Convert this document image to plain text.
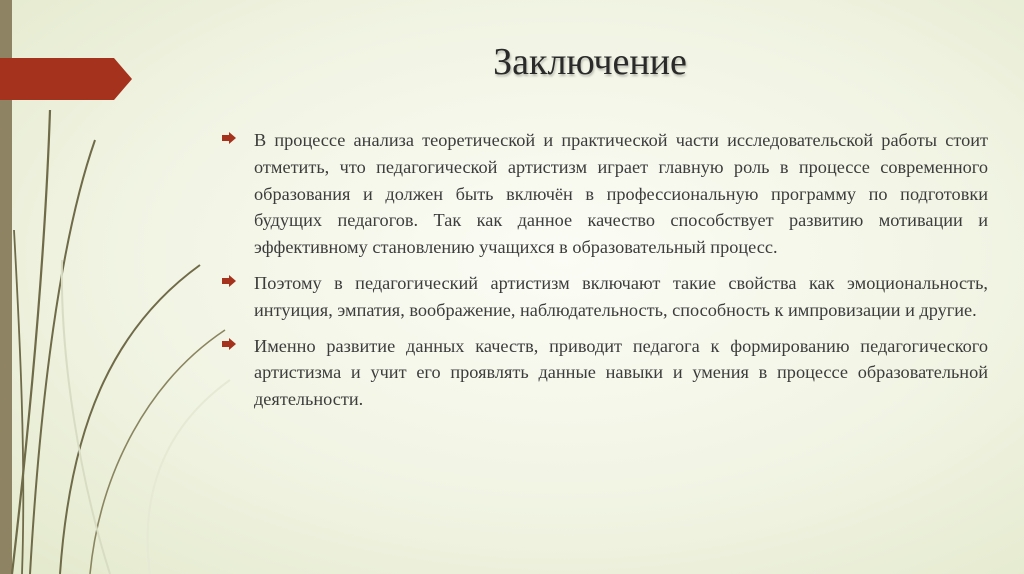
Заключение
В процессе анализа теоретической и практической части исследовательской работы стоит отметить, что педагогической артистизм играет главную роль в процессе современного образования и должен быть включён в профессиональную программу по подготовки будущих педагогов. Так как данное качество способствует развитию мотивации и эффективному становлению учащихся в образовательный процесс.
Поэтому в педагогический артистизм включают такие свойства как эмоциональность, интуиция, эмпатия, воображение, наблюдательность, способность к импровизации и другие.
Именно развитие данных качеств, приводит педагога к формированию педагогического артистизма и учит его проявлять данные навыки и умения в процессе образовательной деятельности.
